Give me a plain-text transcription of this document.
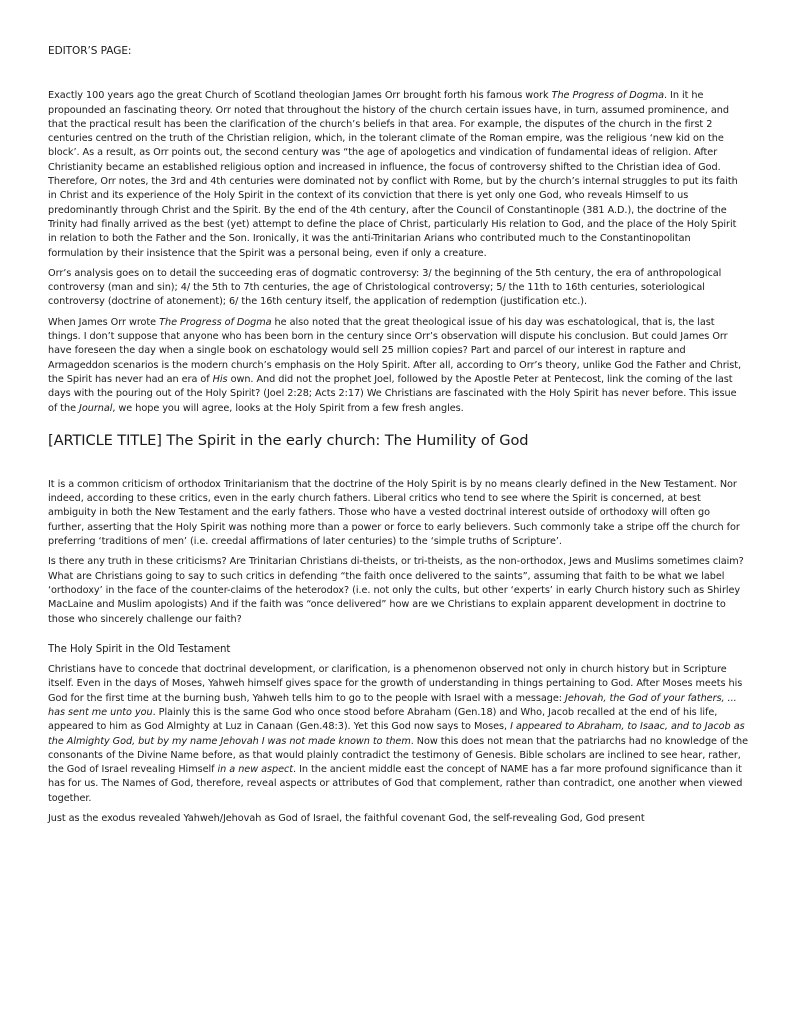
EDITOR’S PAGE:

Exactly 100 years ago the great Church of Scotland theologian James Orr brought forth his famous work The Progress of Dogma. In it he propounded an fascinating theory. Orr noted that throughout the history of the church certain issues have, in turn, assumed prominence, and that the practical result has been the clarification of the church’s beliefs in that area. For example, the disputes of the church in the first 2 centuries centred on the truth of the Christian religion, which, in the tolerant climate of the Roman empire, was the religious ‘new kid on the block’. As a result, as Orr points out, the second century was “the age of apologetics and vindication of fundamental ideas of religion. After Christianity became an established religious option and increased in influence, the focus of controversy shifted to the Christian idea of God. Therefore, Orr notes, the 3rd and 4th centuries were dominated not by conflict with Rome, but by the church’s internal struggles to put its faith in Christ and its experience of the Holy Spirit in the context of its conviction that there is yet only one God, who reveals Himself to us predominantly through Christ and the Spirit. By the end of the 4th century, after the Council of Constantinople (381 A.D.), the doctrine of the Trinity had finally arrived as the best (yet) attempt to define the place of Christ, particularly His relation to God, and the place of the Holy Spirit in relation to both the Father and the Son. Ironically, it was the anti-Trinitarian Arians who contributed much to the Constantinopolitan formulation by their insistence that the Spirit was a personal being, even if only a creature.

Orr’s analysis goes on to detail the succeeding eras of dogmatic controversy: 3/ the beginning of the 5th century, the era of anthropological controversy (man and sin); 4/ the 5th to 7th centuries, the age of Christological controversy; 5/ the 11th to 16th centuries, soteriological controversy (doctrine of atonement); 6/ the 16th century itself, the application of redemption (justification etc.).

When James Orr wrote The Progress of Dogma he also noted that the great theological issue of his day was eschatological, that is, the last things. I don’t suppose that anyone who has been born in the century since Orr’s observation will dispute his conclusion. But could James Orr have foreseen the day when a single book on eschatology would sell 25 million copies? Part and parcel of our interest in rapture and Armageddon scenarios is the modern church’s emphasis on the Holy Spirit. After all, according to Orr’s theory, unlike God the Father and Christ, the Spirit has never had an era of His own. And did not the prophet Joel, followed by the Apostle Peter at Pentecost, link the coming of the last days with the pouring out of the Holy Spirit? (Joel 2:28; Acts 2:17) We Christians are fascinated with the Holy Spirit has never before. This issue of the Journal, we hope you will agree, looks at the Holy Spirit from a few fresh angles.

[ARTICLE TITLE] The Spirit in the early church: The Humility of God

It is a common criticism of orthodox Trinitarianism that the doctrine of the Holy Spirit is by no means clearly defined in the New Testament. Nor indeed, according to these critics, even in the early church fathers. Liberal critics who tend to see where the Spirit is concerned, at best ambiguity in both the New Testament and the early fathers. Those who have a vested doctrinal interest outside of orthodoxy will often go further, asserting that the Holy Spirit was nothing more than a power or force to early believers. Such commonly take a stripe off the church for preferring ‘traditions of men’ (i.e. creedal affirmations of later centuries) to the ‘simple truths of Scripture’.

Is there any truth in these criticisms? Are Trinitarian Christians di-theists, or tri-theists, as the non-orthodox, Jews and Muslims sometimes claim? What are Christians going to say to such critics in defending “the faith once delivered to the saints”, assuming that faith to be what we label ‘orthodoxy’ in the face of the counter-claims of the heterodox? (i.e. not only the cults, but other ‘experts’ in early Church history such as Shirley MacLaine and Muslim apologists) And if the faith was “once delivered” how are we Christians to explain apparent development in doctrine to those who sincerely challenge our faith?

The Holy Spirit in the Old Testament

Christians have to concede that doctrinal development, or clarification, is a phenomenon observed not only in church history but in Scripture itself. Even in the days of Moses, Yahweh himself gives space for the growth of understanding in things pertaining to God. After Moses meets his God for the first time at the burning bush, Yahweh tells him to go to the people with Israel with a message: Jehovah, the God of your fathers, ... has sent me unto you. Plainly this is the same God who once stood before Abraham (Gen.18) and Who, Jacob recalled at the end of his life, appeared to him as God Almighty at Luz in Canaan (Gen.48:3). Yet this God now says to Moses, I appeared to Abraham, to Isaac, and to Jacob as the Almighty God, but by my name Jehovah I was not made known to them. Now this does not mean that the patriarchs had no knowledge of the consonants of the Divine Name before, as that would plainly contradict the testimony of Genesis. Bible scholars are inclined to see hear, rather, the God of Israel revealing Himself in a new aspect. In the ancient middle east the concept of NAME has a far more profound significance than it has for us. The Names of God, therefore, reveal aspects or attributes of God that complement, rather than contradict, one another when viewed together.

Just as the exodus revealed Yahweh/Jehovah as God of Israel, the faithful covenant God, the self-revealing God, God present
